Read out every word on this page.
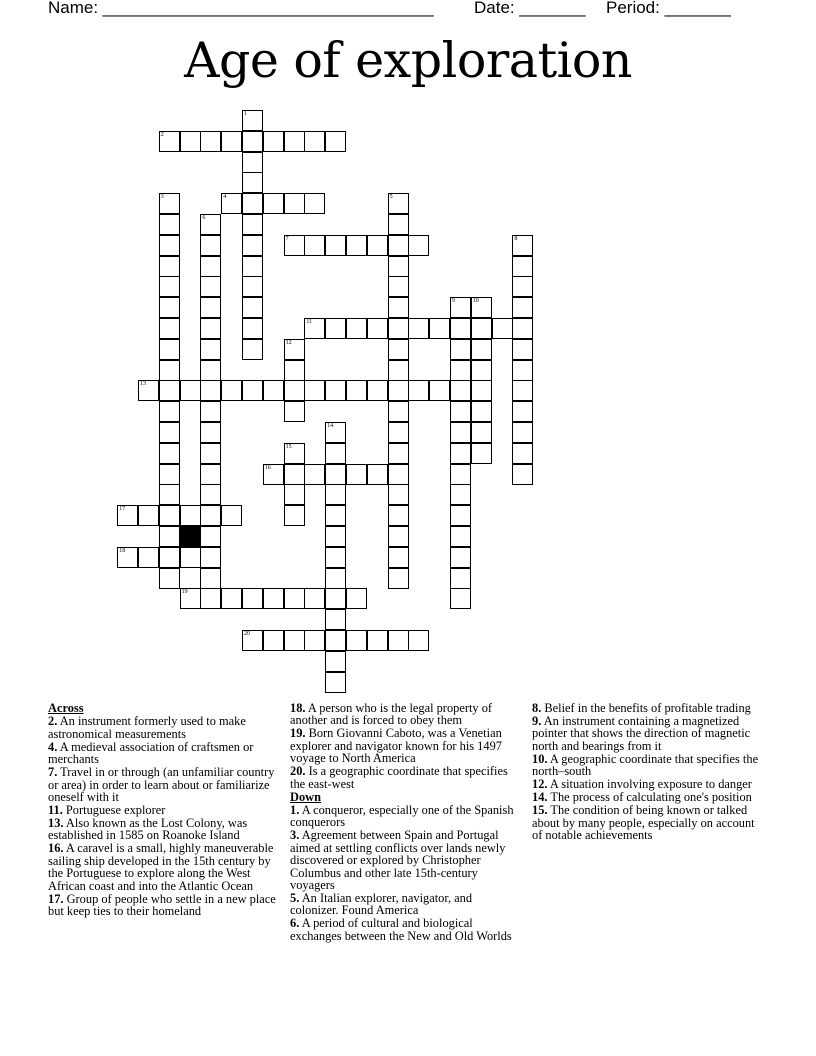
Name: ___________________________________ Date: _______ Period: _______
Age of exploration
2
4
7
11
13
16
17
18
19
20
1
3	5
6
8
9	10
12
14
15
Across
2. An instrument formerly used to make astronomical measurements
4. A medieval association of craftsmen or merchants
7. Travel in or through (an unfamiliar country or area) in order to learn about or familiarize oneself with it
11. Portuguese explorer
13. Also known as the Lost Colony, was established in 1585 on Roanoke Island
16. A caravel is a small, highly maneuverable sailing ship developed in the 15th century by the Portuguese to explore along the West African coast and into the Atlantic Ocean
17. Group of people who settle in a new place but keep ties to their homeland
18. A person who is the legal property of another and is forced to obey them
19. Born Giovanni Caboto, was a Venetian explorer and navigator known for his 1497 voyage to North America
20. Is a geographic coordinate that specifies the east-west
Down
1. A conqueror, especially one of the Spanish conquerors
3. Agreement between Spain and Portugal aimed at settling conflicts over lands newly discovered or explored by Christopher Columbus and other late 15th-century voyagers
5. An Italian explorer, navigator, and colonizer. Found America
6. A period of cultural and biological exchanges between the New and Old Worlds
8. Belief in the benefits of profitable trading
9. An instrument containing a magnetized pointer that shows the direction of magnetic north and bearings from it
10. A geographic coordinate that specifies the north–south
12. A situation involving exposure to danger
14. The process of calculating one's position
15. The condition of being known or talked about by many people, especially on account of notable achievements
